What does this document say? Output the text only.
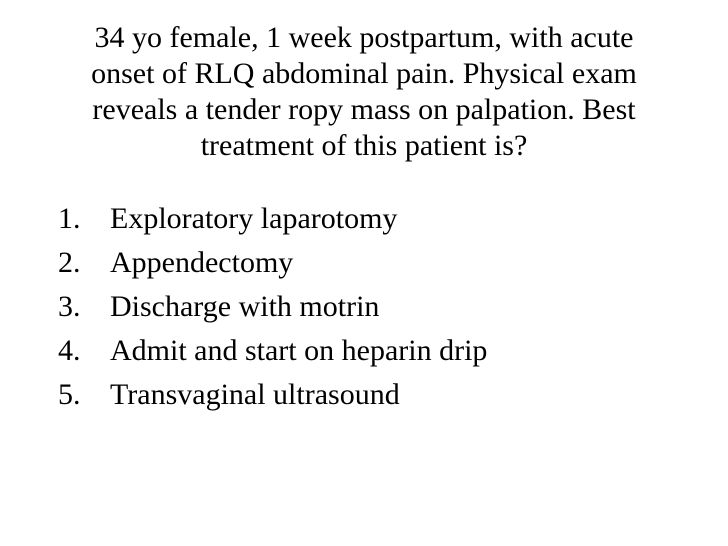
34 yo female, 1 week postpartum, with acute
onset of RLQ abdominal pain. Physical exam
reveals a tender ropy mass on palpation. Best
treatment of this patient is?
1. Exploratory laparotomy
2. Appendectomy
3. Discharge with motrin
4. Admit and start on heparin drip
5. Transvaginal ultrasound
